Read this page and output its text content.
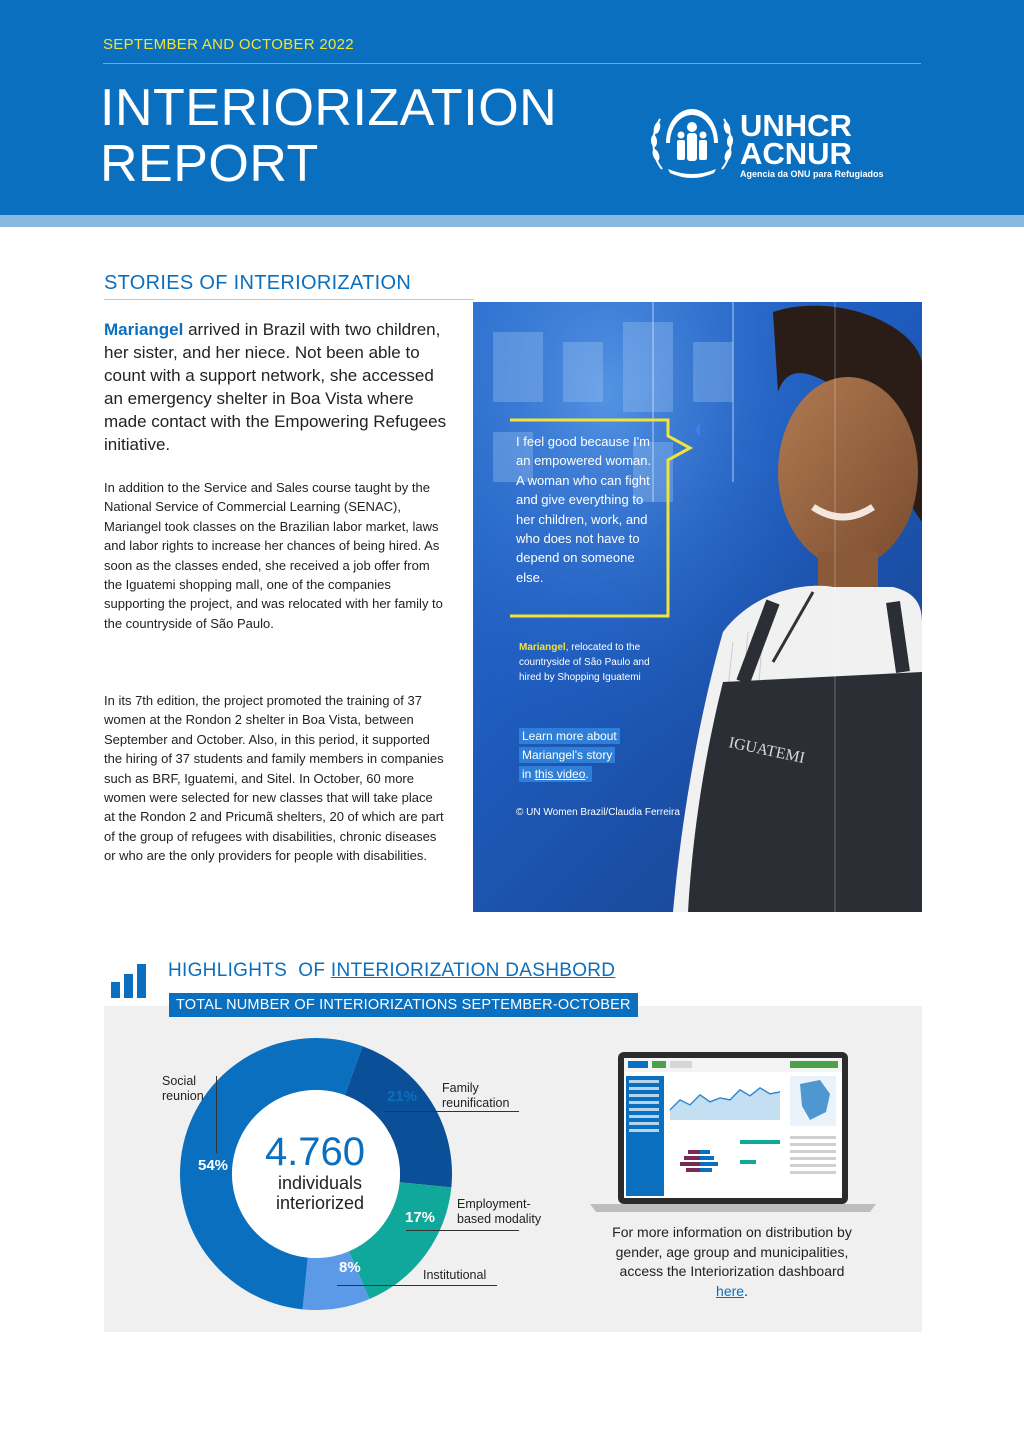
SEPTEMBER AND OCTOBER 2022
INTERIORIZATION
REPORT
UNHCR
ACNUR
Agencia da ONU para Refugiados
STORIES OF INTERIORIZATION
Mariangel arrived in Brazil with two children, her sister, and her niece. Not been able to count with a support network, she accessed an emergency shelter in Boa Vista where made contact with the Empowering Refugees initiative.
In addition to the Service and Sales course taught by the National Service of Commercial Learning (SENAC), Mariangel took classes on the Brazilian labor market, laws and labor rights to increase her chances of being hired. As soon as the classes ended, she received a job offer from the Iguatemi shopping mall, one of the companies supporting the project, and was relocated with her family to the countryside of São Paulo.
In its 7th edition, the project promoted the training of 37 women at the Rondon 2 shelter in Boa Vista, between September and October. Also, in this period, it supported the hiring of 37 students and family members in companies such as BRF, Iguatemi, and Sitel. In October, 60 more women were selected for new classes that will take place at the Rondon 2 and Pricumã shelters, 20 of which are part of the group of refugees with disabilities, chronic diseases or who are the only providers for people with disabilities.
IGUATEMI
I feel good because I'm an empowered woman. A woman who can fight and give everything to her children, work, and who does not have to depend on someone else.
Mariangel, relocated to the countryside of São Paulo and hired by Shopping Iguatemi
Learn more about
Mariangel's story
in this video.
© UN Women Brazil/Claudia Ferreira
HIGHLIGHTS  OF INTERIORIZATION DASHBORD
TOTAL NUMBER OF INTERIORIZATIONS SEPTEMBER-OCTOBER
4.760
individuals
interiorized
Social reunion
Family reunification
Employment-based modality
Institutional
54%
21%
17%
8%
For more information on distribution by gender, age group and municipalities, access the Interiorization dashboard here.
